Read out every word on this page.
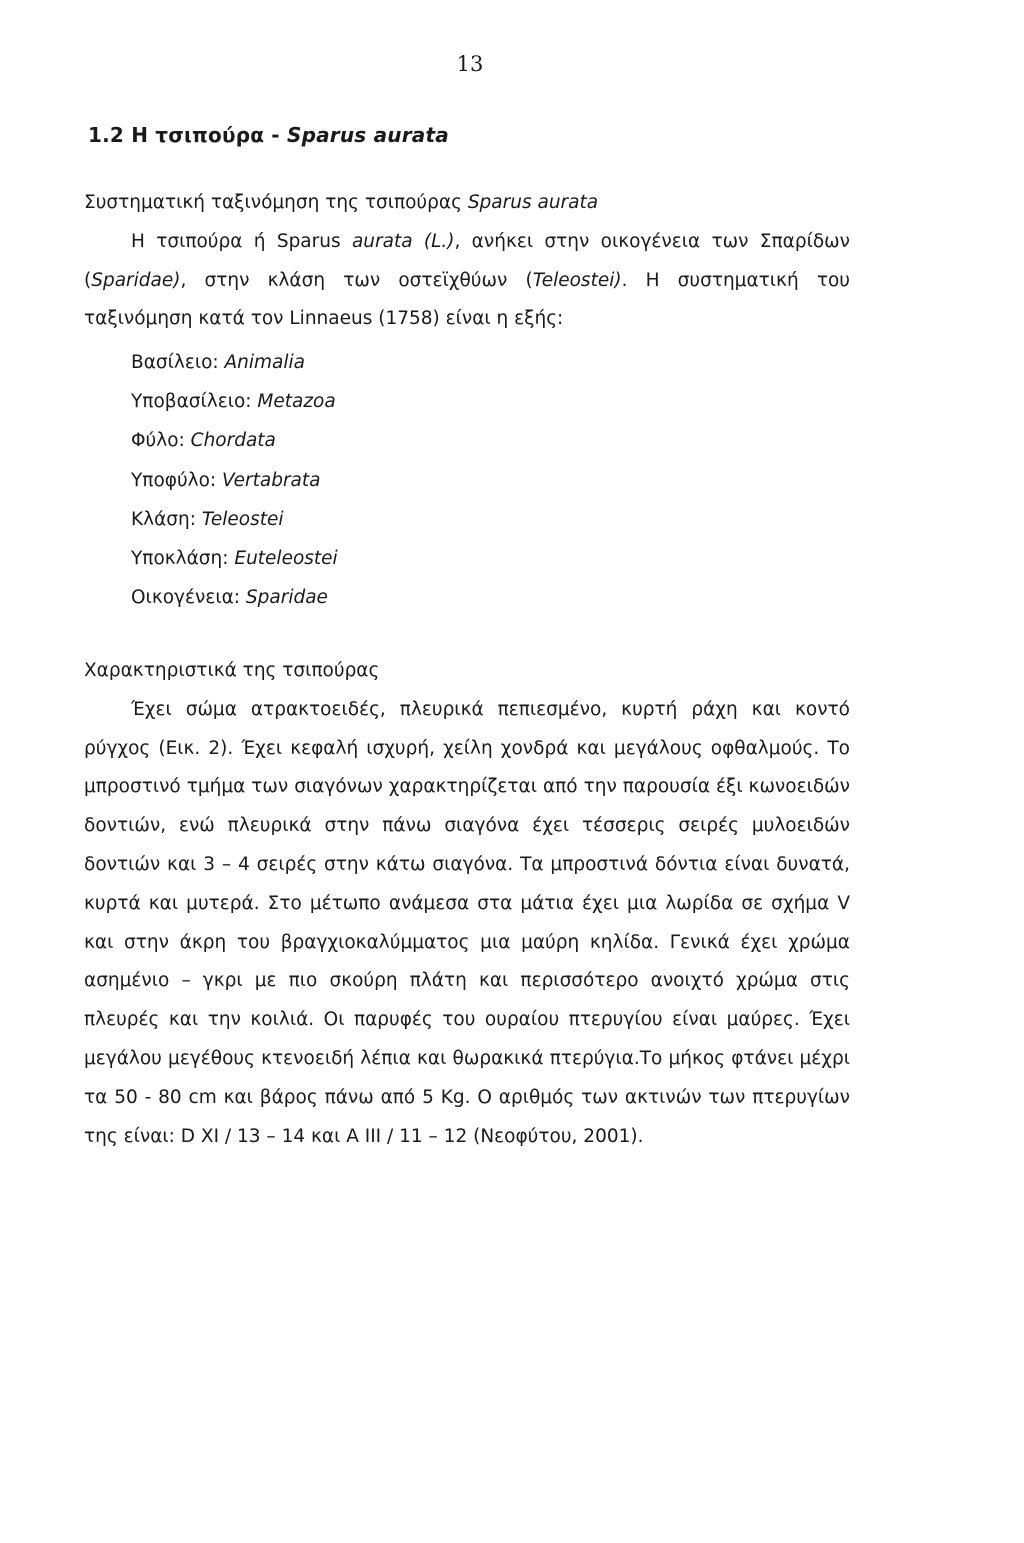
13
1.2 Η τσιπούρα - Sparus aurata

Συστηματική ταξινόμηση της τσιπούρας Sparus aurata

Η τσιπούρα ή Sparus aurata (L.), ανήκει στην οικογένεια των Σπαρίδων (Sparidae), στην κλάση των οστεϊχθύων (Teleostei). Η συστηματική του ταξινόμηση κατά τον Linnaeus (1758) είναι η εξής:

Βασίλειο: Animalia
Υποβασίλειο: Metazoa
Φύλο: Chordata
Υποφύλο: Vertabrata
Κλάση: Teleostei
Υποκλάση: Euteleostei
Οικογένεια: Sparidae

Χαρακτηριστικά της τσιπούρας

Έχει σώμα ατρακτοειδές, πλευρικά πεπιεσμένο, κυρτή ράχη και κοντό ρύγχος (Εικ. 2). Έχει κεφαλή ισχυρή, χείλη χονδρά και μεγάλους οφθαλμούς. Το μπροστινό τμήμα των σιαγόνων χαρακτηρίζεται από την παρουσία έξι κωνοειδών δοντιών, ενώ πλευρικά στην πάνω σιαγόνα έχει τέσσερις σειρές μυλοειδών δοντιών και 3 – 4 σειρές στην κάτω σιαγόνα. Τα μπροστινά δόντια είναι δυνατά, κυρτά και μυτερά. Στο μέτωπο ανάμεσα στα μάτια έχει μια λωρίδα σε σχήμα V και στην άκρη του βραγχιοκαλύμματος μια μαύρη κηλίδα. Γενικά έχει χρώμα ασημένιο – γκρι με πιο σκούρη πλάτη και περισσότερο ανοιχτό χρώμα στις πλευρές και την κοιλιά. Οι παρυφές του ουραίου πτερυγίου είναι μαύρες. Έχει μεγάλου μεγέθους κτενοειδή λέπια και θωρακικά πτερύγια.Το μήκος φτάνει μέχρι τα 50 - 80 cm και βάρος πάνω από 5 Kg. Ο αριθμός των ακτινών των πτερυγίων της είναι: D XI / 13 – 14 και A III / 11 – 12 (Νεοφύτου, 2001).
